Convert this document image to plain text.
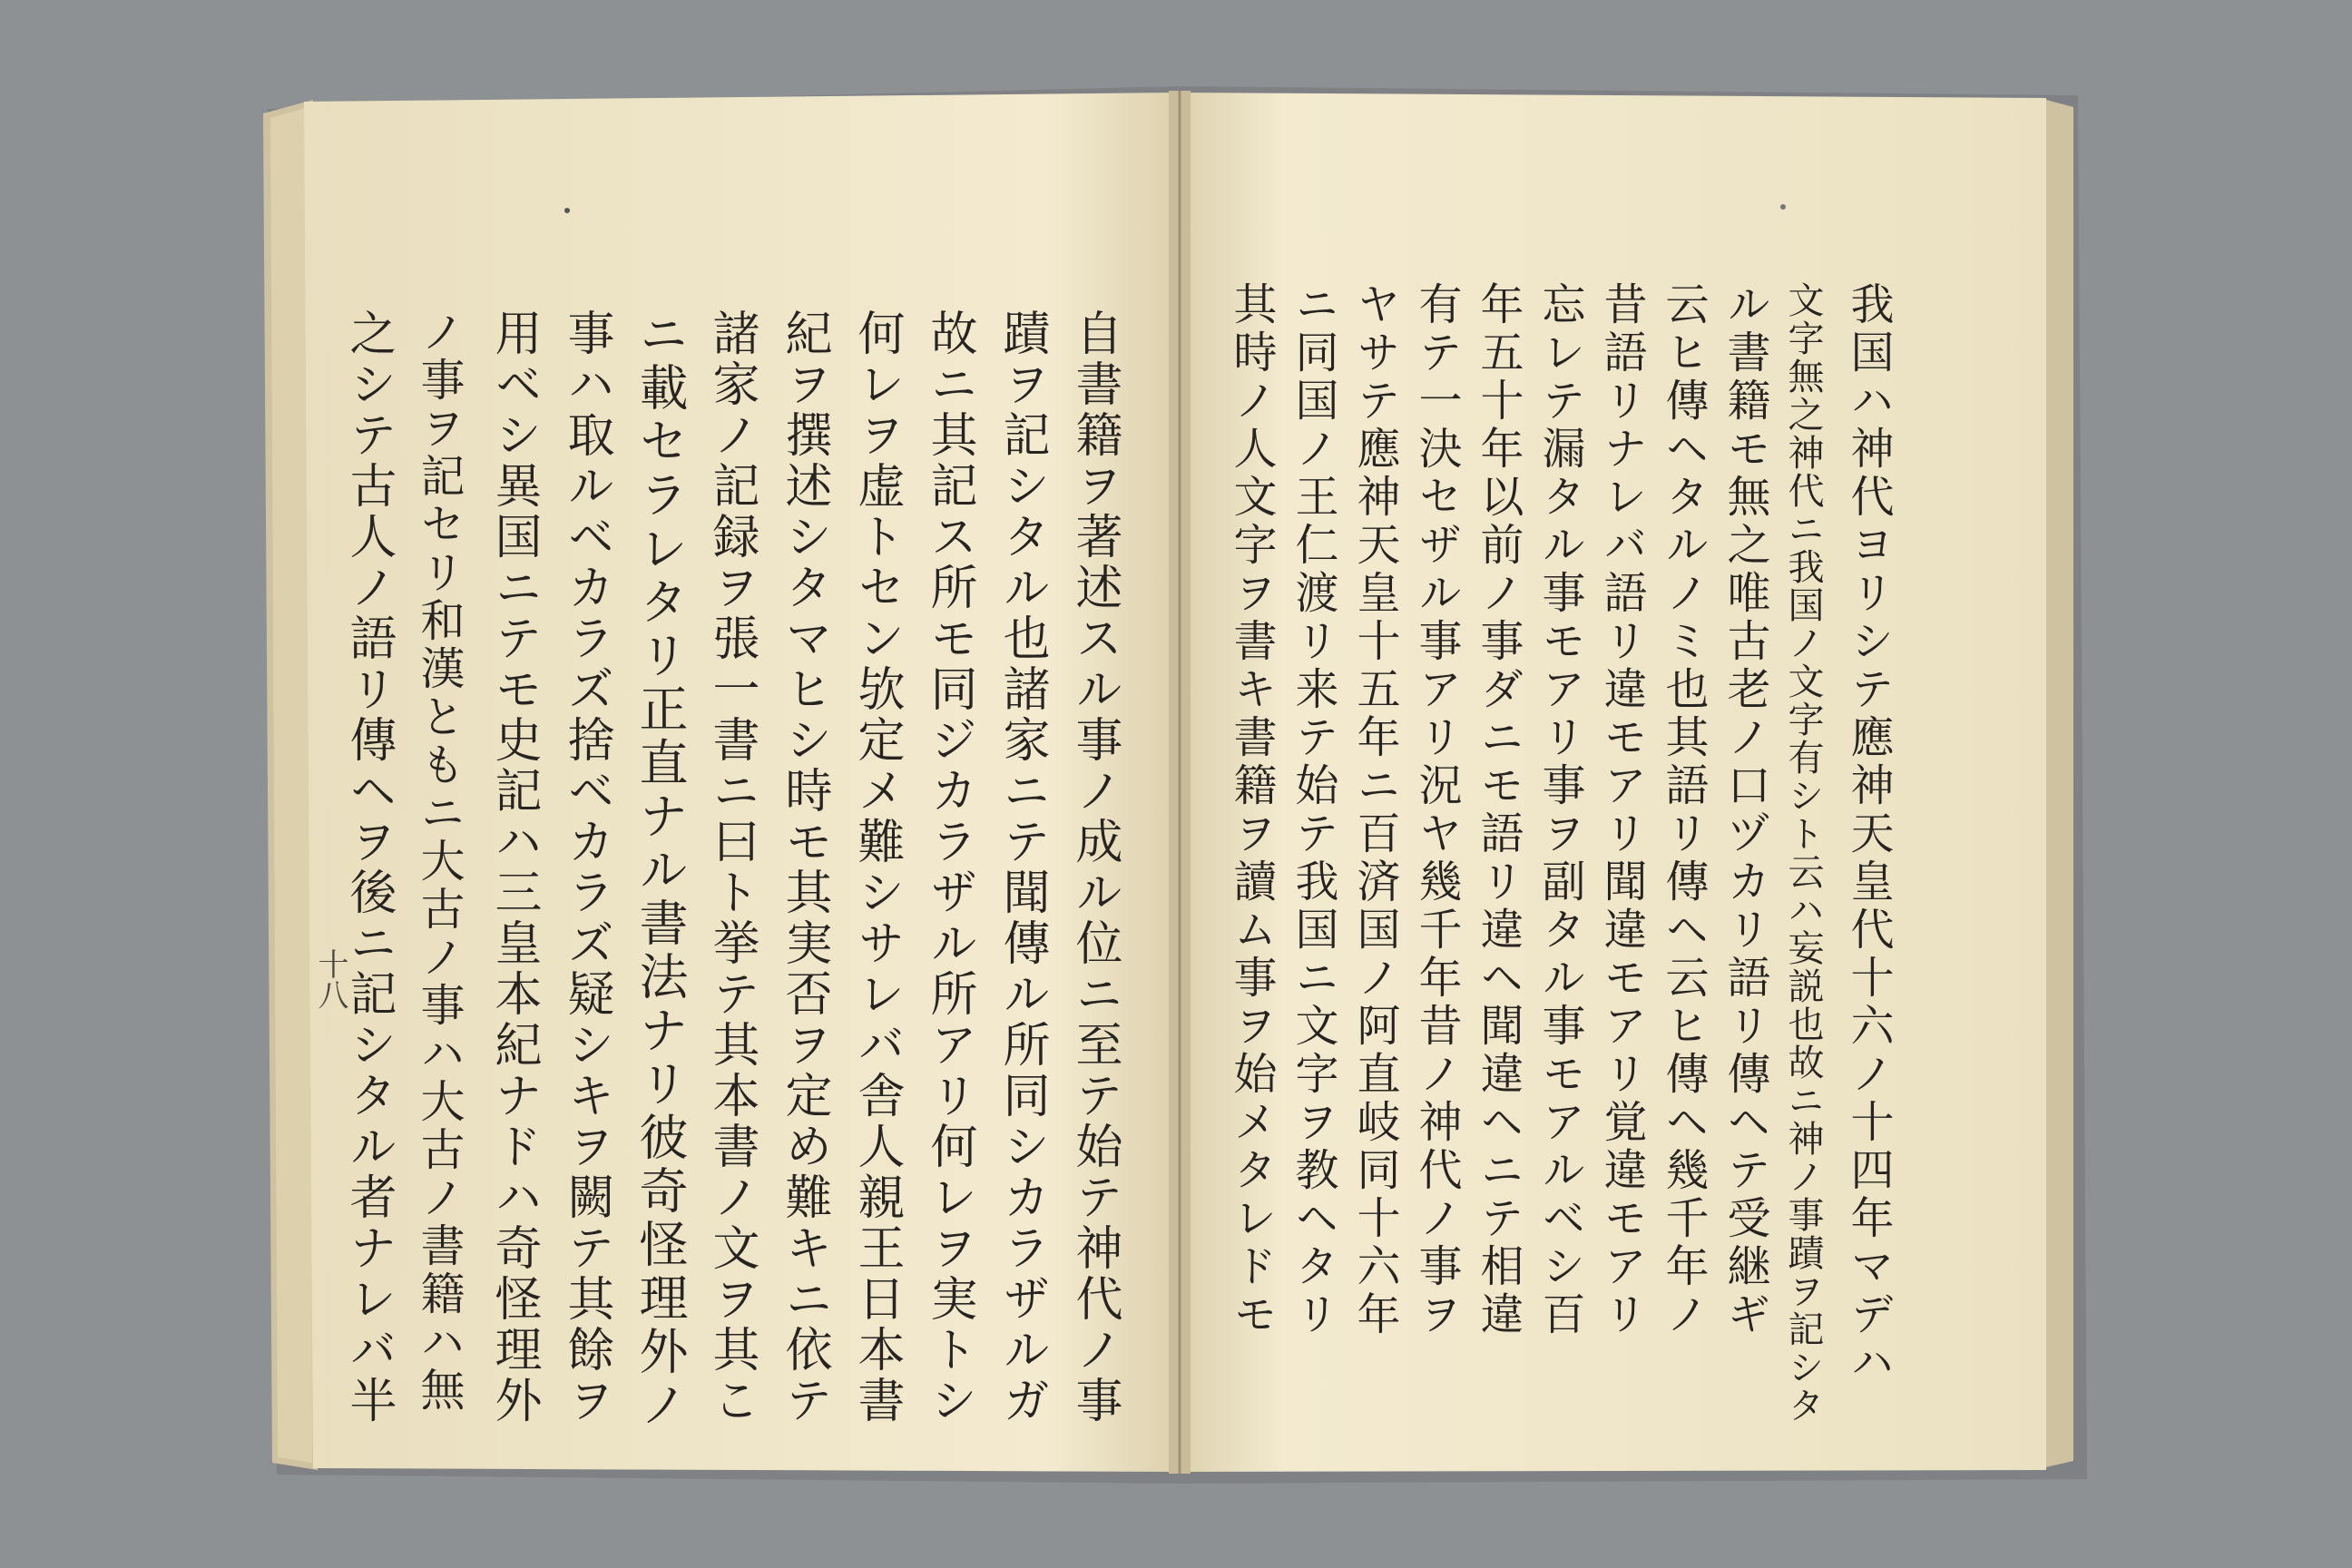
我国ハ神代ヨリシテ應神天皇代十六ノ十四年マデハ
文字無之神代ニ我国ノ文字有シト云ハ妄説也故ニ神ノ事蹟ヲ記シタ
ル書籍モ無之唯古老ノ口ヅカリ語リ傳ヘテ受継ギ
云ヒ傳ヘタルノミ也其語リ傳ヘ云ヒ傳ヘ幾千年ノ
昔語リナレバ語リ違モアリ聞違モアリ覚違モアリ
忘レテ漏タル事モアリ事ヲ副タル事モアルベシ百
年五十年以前ノ事ダニモ語リ違ヘ聞違ヘニテ相違
有テ一決セザル事アリ況ヤ幾千年昔ノ神代ノ事ヲ
ヤサテ應神天皇十五年ニ百済国ノ阿直岐同十六年
ニ同国ノ王仁渡リ来テ始テ我国ニ文字ヲ教ヘタリ
其時ノ人文字ヲ書キ書籍ヲ讀ム事ヲ始メタレドモ
自書籍ヲ著述スル事ノ成ル位ニ至テ始テ神代ノ事
蹟ヲ記シタル也諸家ニテ聞傳ル所同シカラザルガ
故ニ其記ス所モ同ジカラザル所アリ何レヲ実トシ
何レヲ虚トセン欤定メ難シサレバ舎人親王日本書
紀ヲ撰述シタマヒシ時モ其実否ヲ定め難キニ依テ
諸家ノ記録ヲ張一書ニ曰ト挙テ其本書ノ文ヲ其こ
ニ載セラレタリ正直ナル書法ナリ彼奇怪理外ノ
事ハ取ルベカラズ捨ベカラズ疑シキヲ闕テ其餘ヲ
用ベシ異国ニテモ史記ハ三皇本紀ナドハ奇怪理外
ノ事ヲ記セリ和漢ともニ大古ノ事ハ大古ノ書籍ハ無
之シテ古人ノ語リ傳ヘヲ後ニ記シタル者ナレバ半
十八
